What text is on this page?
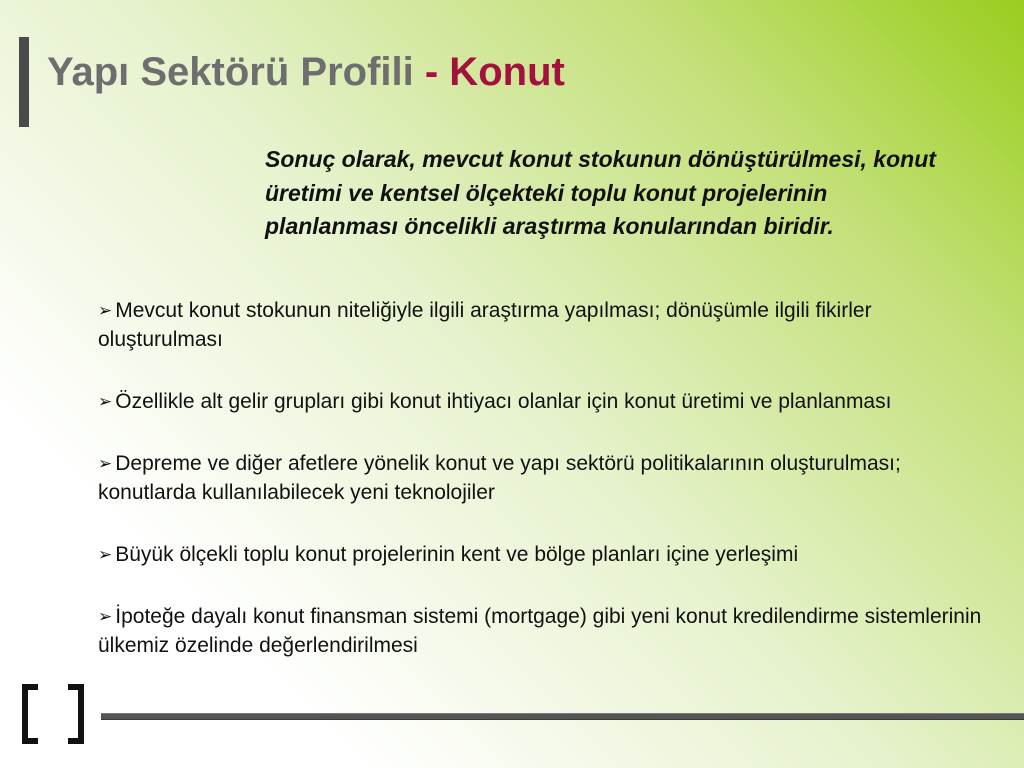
Yapı Sektörü Profili - Konut

Sonuç olarak, mevcut konut stokunun dönüştürülmesi, konut üretimi ve kentsel ölçekteki toplu konut projelerinin planlanması öncelikli araştırma konularından biridir.

➢ Mevcut konut stokunun niteliğiyle ilgili araştırma yapılması; dönüşümle ilgili fikirler oluşturulması
➢ Özellikle alt gelir grupları gibi konut ihtiyacı olanlar için konut üretimi ve planlanması
➢ Depreme ve diğer afetlere yönelik konut ve yapı sektörü politikalarının oluşturulması; konutlarda kullanılabilecek yeni teknolojiler
➢ Büyük ölçekli toplu konut projelerinin kent ve bölge planları içine yerleşimi
➢ İpoteğe dayalı konut finansman sistemi (mortgage) gibi yeni konut kredilendirme sistemlerinin ülkemiz özelinde değerlendirilmesi
